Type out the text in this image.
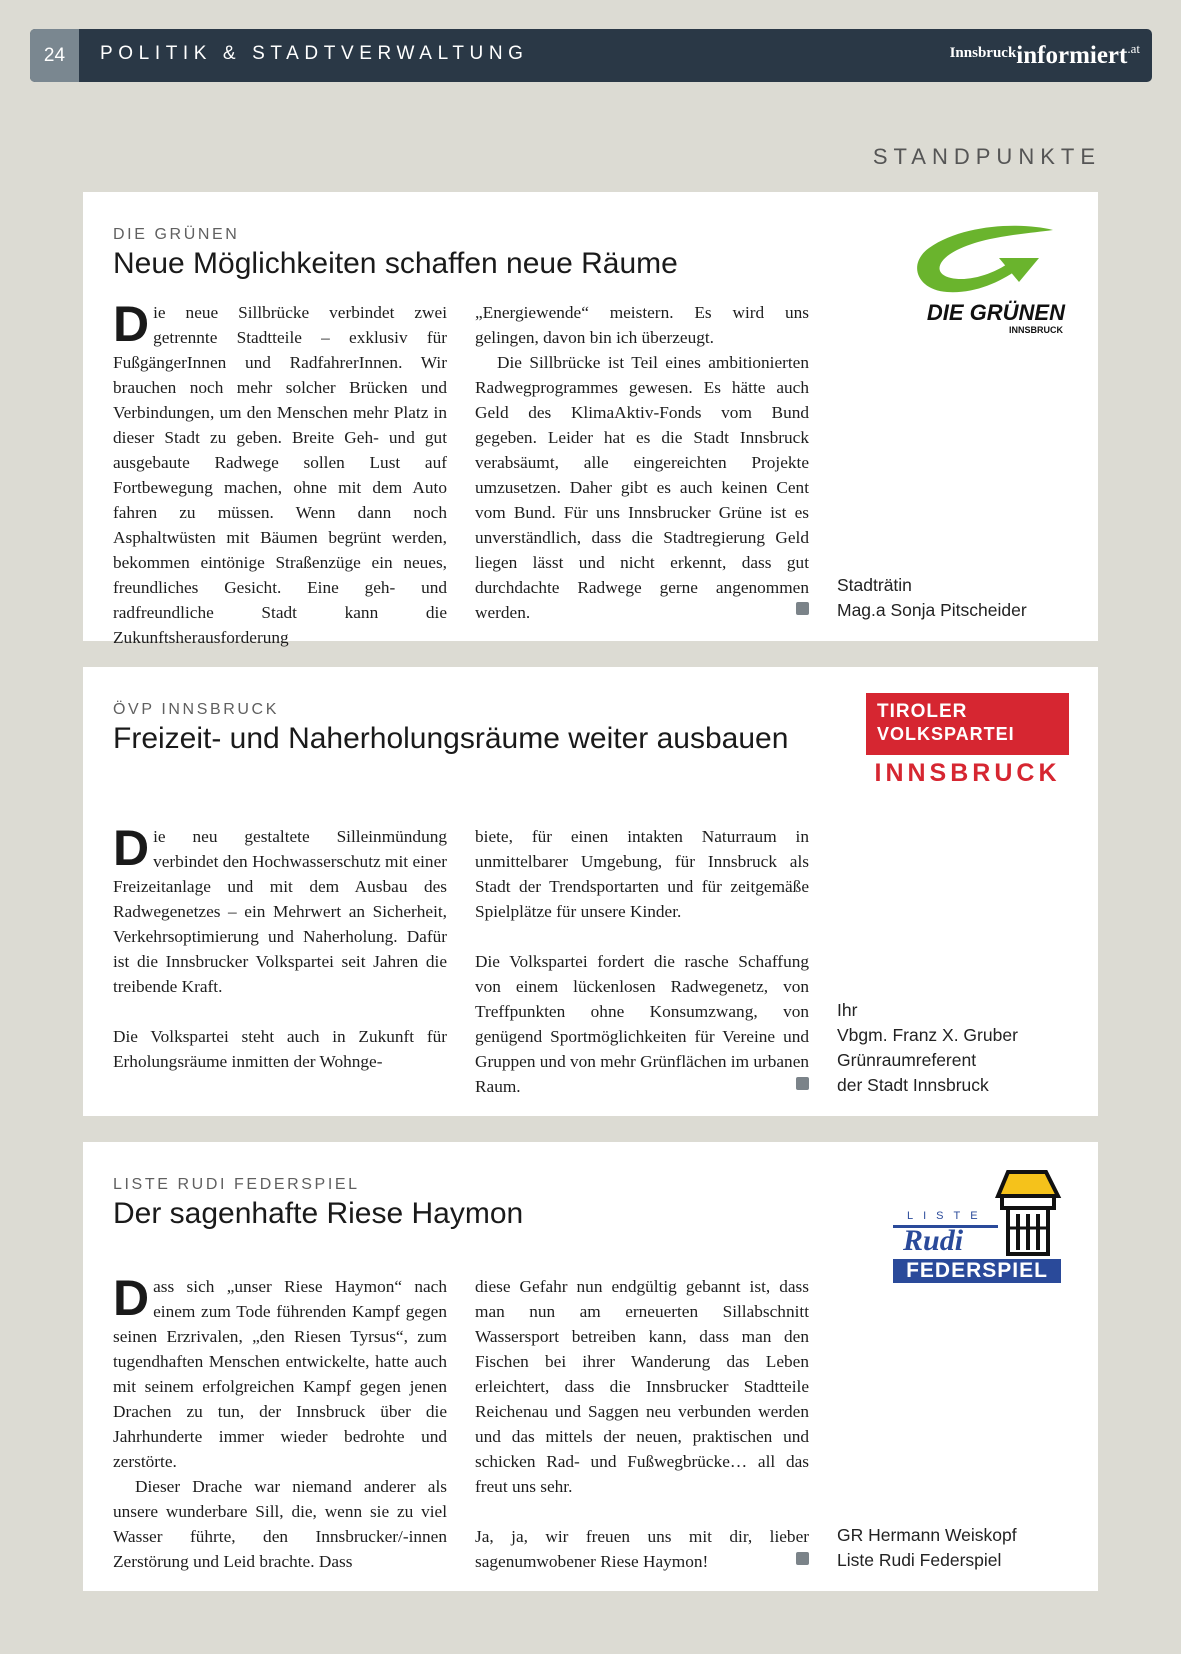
24	POLITIK & STADTVERWALTUNG	Innsbruckinformiert$^{.at}$
STANDPUNKTE
DIE GRÜNEN
Neue Möglichkeiten schaffen neue Räume
D ie neue Sillbrücke verbindet zwei getrennte Stadtteile – exklusiv für FußgängerInnen und RadfahrerInnen. Wir brauchen noch mehr solcher Brücken und Verbindungen, um den Menschen mehr Platz in dieser Stadt zu geben. Breite Geh- und gut ausgebaute Radwege sollen Lust auf Fortbewegung machen, ohne mit dem Auto fahren zu müssen. Wenn dann noch Asphaltwüsten mit Bäumen begrünt werden, bekommen eintönige Straßenzüge ein neues, freundliches Gesicht. Eine geh- und radfreundliche Stadt kann die Zukunftsherausforderung

„Energiewende“ meistern. Es wird uns gelingen, davon bin ich überzeugt.

Die Sillbrücke ist Teil eines ambitionierten Radwegprogrammes gewesen. Es hätte auch Geld des KlimaAktiv-Fonds vom Bund gegeben. Leider hat es die Stadt Innsbruck verabsäumt, alle eingereichten Projekte umzusetzen. Daher gibt es auch keinen Cent vom Bund. Für uns Innsbrucker Grüne ist es unverständlich, dass die Stadtregierung Geld liegen lässt und nicht erkennt, dass gut durchdachte Radwege gerne angenommen werden.

Stadträtin
Mag.a Sonja Pitscheider
DIE GRÜNEN
INNSBRUCK
ÖVP INNSBRUCK
Freizeit- und Naherholungsräume weiter ausbauen
D ie neu gestaltete Silleinmündung verbindet den Hochwasserschutz mit einer Freizeitanlage und mit dem Ausbau des Radwegenetzes – ein Mehrwert an Sicherheit, Verkehrsoptimierung und Naherholung. Dafür ist die Innsbrucker Volkspartei seit Jahren die treibende Kraft.

Die Volkspartei steht auch in Zukunft für Erholungsräume inmitten der Wohnge-

biete, für einen intakten Naturraum in unmittelbarer Umgebung, für Innsbruck als Stadt der Trendsportarten und für zeitgemäße Spielplätze für unsere Kinder.

Die Volkspartei fordert die rasche Schaffung von einem lückenlosen Radwegenetz, von Treffpunkten ohne Konsumzwang, von genügend Sportmöglichkeiten für Vereine und Gruppen und von mehr Grünflächen im urbanen Raum.

Ihr
Vbgm. Franz X. Gruber
Grünraumreferent
der Stadt Innsbruck
TIROLER
VOLKSPARTEI
INNSBRUCK
LISTE RUDI FEDERSPIEL
Der sagenhafte Riese Haymon
D ass sich „unser Riese Haymon“ nach einem zum Tode führenden Kampf gegen seinen Erzrivalen, „den Riesen Tyrsus“, zum tugendhaften Menschen entwickelte, hatte auch mit seinem erfolgreichen Kampf gegen jenen Drachen zu tun, der Innsbruck über die Jahrhunderte immer wieder bedrohte und zerstörte.

Dieser Drache war niemand anderer als unsere wunderbare Sill, die, wenn sie zu viel Wasser führte, den Innsbrucker/-innen Zerstörung und Leid brachte. Dass

diese Gefahr nun endgültig gebannt ist, dass man nun am erneuerten Sillabschnitt Wassersport betreiben kann, dass man den Fischen bei ihrer Wanderung das Leben erleichtert, dass die Innsbrucker Stadtteile Reichenau und Saggen neu verbunden werden und das mittels der neuen, praktischen und schicken Rad- und Fußwegbrücke… all das freut uns sehr.

Ja, ja, wir freuen uns mit dir, lieber sagenumwobener Riese Haymon!

GR Hermann Weiskopf
Liste Rudi Federspiel
LISTE
Rudi
FEDERSPIEL
